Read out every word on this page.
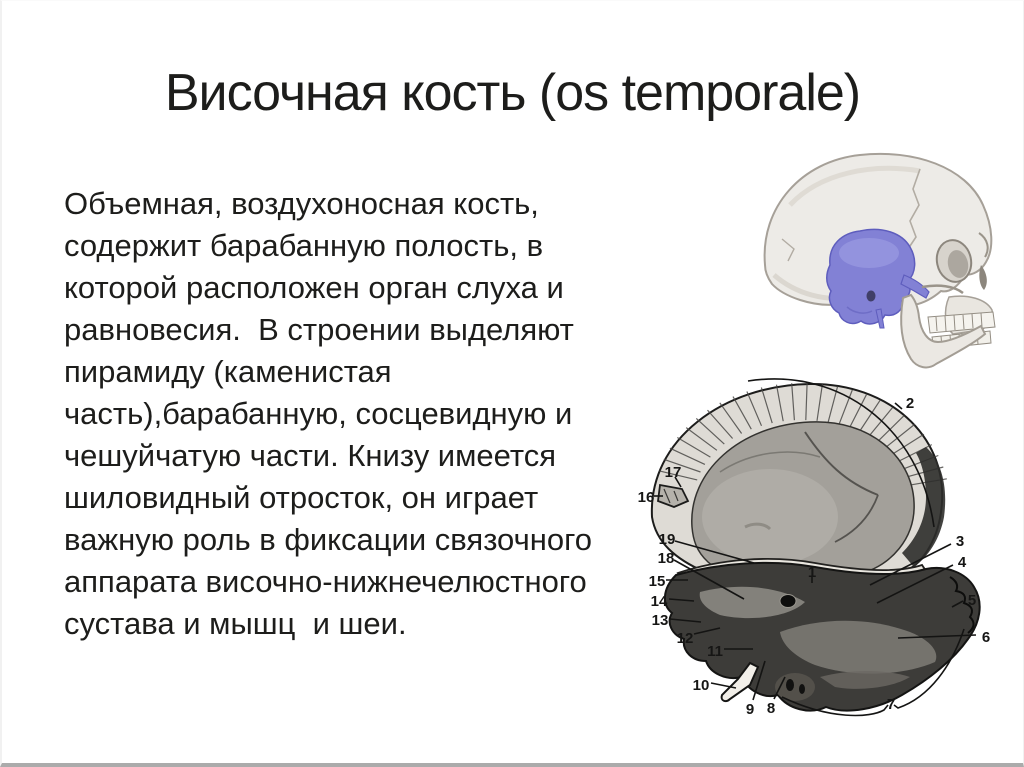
Височная кость (os temporale)
Объемная, воздухоносная кость,
содержит барабанную полость, в
которой расположен орган слуха и
равновесия.  В строении выделяют
пирамиду (каменистая
часть),барабанную, сосцевидную и
чешуйчатую части. Книзу имеется
шиловидный отросток, он играет
важную роль в фиксации связочного
аппарата височно-нижнечелюстного
сустава и мышц  и шеи.
1
2
3
4
5
6
7
8
9
10
11
12
13
14
15
16
17
18
19
